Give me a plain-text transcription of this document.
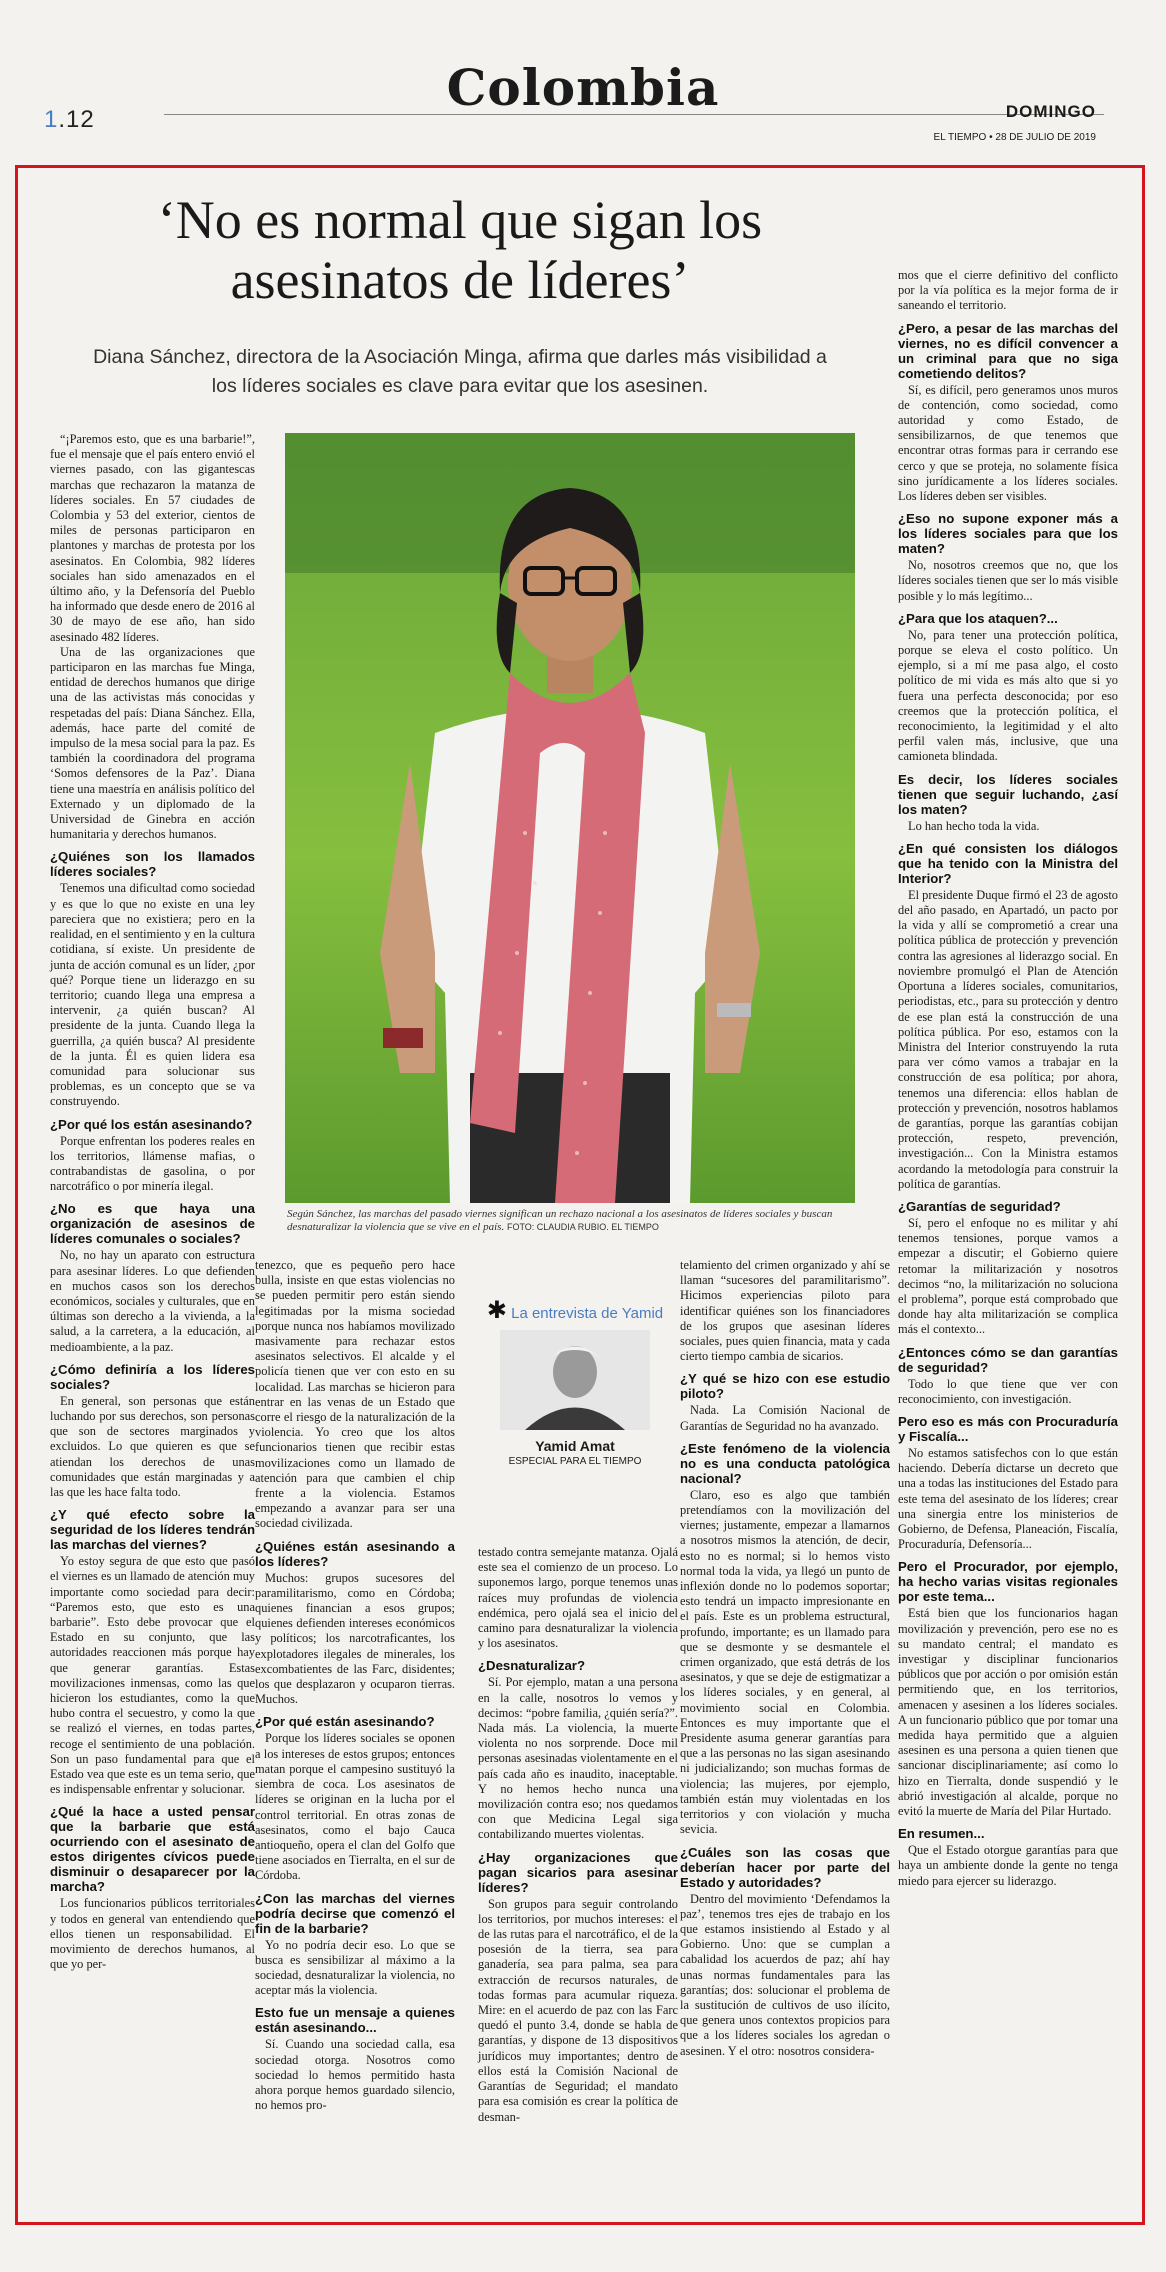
Colombia
1.12	DOMINGO
EL TIEMPO • 28 DE JULIO DE 2019
‘No es normal que sigan los asesinatos de líderes’
Diana Sánchez, directora de la Asociación Minga, afirma que darles más visibilidad a los líderes sociales es clave para evitar que los asesinen.
Según Sánchez, las marchas del pasado viernes significan un rechazo nacional a los asesinatos de líderes sociales y buscan desnaturalizar la violencia que se vive en el país. FOTO: CLAUDIA RUBIO. EL TIEMPO

“¡Paremos esto, que es una barbarie!”, fue el mensaje que el país entero envió el viernes pasado, con las gigantescas marchas que rechazaron la matanza de líderes sociales. En 57 ciudades de Colombia y 53 del exterior, cientos de miles de personas participaron en plantones y marchas de protesta por los asesinatos. En Colombia, 982 líderes sociales han sido amenazados en el último año, y la Defensoría del Pueblo ha informado que desde enero de 2016 al 30 de mayo de ese año, han sido asesinado 482 líderes.

Una de las organizaciones que participaron en las marchas fue Minga, entidad de derechos humanos que dirige una de las activistas más conocidas y respetadas del país: Diana Sánchez. Ella, además, hace parte del comité de impulso de la mesa social para la paz. Es también la coordinadora del programa ‘Somos defensores de la Paz’. Diana tiene una maestría en análisis político del Externado y un diplomado de la Universidad de Ginebra en acción humanitaria y derechos humanos.

¿Quiénes son los llamados líderes sociales?

Tenemos una dificultad como sociedad y es que lo que no existe en una ley pareciera que no existiera; pero en la realidad, en el sentimiento y en la cultura cotidiana, sí existe. Un presidente de junta de acción comunal es un líder, ¿por qué? Porque tiene un liderazgo en su territorio; cuando llega una empresa a intervenir, ¿a quién buscan? Al presidente de la junta. Cuando llega la guerrilla, ¿a quién busca? Al presidente de la junta. Él es quien lidera esa comunidad para solucionar sus problemas, es un concepto que se va construyendo.

¿Por qué los están asesinando?

Porque enfrentan los poderes reales en los territorios, llámense mafias, o contrabandistas de gasolina, o por narcotráfico o por minería ilegal.

¿No es que haya una organización de asesinos de líderes comunales o sociales?

No, no hay un aparato con estructura para asesinar líderes. Lo que defienden en muchos casos son los derechos económicos, sociales y culturales, que en últimas son derecho a la vivienda, a la salud, a la carretera, a la educación, al medioambiente, a la paz.

¿Cómo definiría a los líderes sociales?

En general, son personas que están luchando por sus derechos, son personas que son de sectores marginados y excluidos. Lo que quieren es que se atiendan los derechos de unas comunidades que están marginadas y a las que les hace falta todo.

¿Y qué efecto sobre la seguridad de los líderes tendrán las marchas del viernes?

Yo estoy segura de que esto que pasó el viernes es un llamado de atención muy importante como sociedad para decir: “Paremos esto, que esto es una barbarie”. Esto debe provocar que el Estado en su conjunto, que las autoridades reaccionen más porque hay que generar garantías. Estas movilizaciones inmensas, como las que hicieron los estudiantes, como la que hubo contra el secuestro, y como la que se realizó el viernes, en todas partes, recoge el sentimiento de una población. Son un paso fundamental para que el Estado vea que este es un tema serio, que es indispensable enfrentar y solucionar.

¿Qué la hace a usted pensar que la barbarie que está ocurriendo con el asesinato de estos dirigentes cívicos puede disminuir o desaparecer por la marcha?

Los funcionarios públicos territoriales y todos en general van entendiendo que ellos tienen un responsabilidad. El movimiento de derechos humanos, al que yo per-

tenezco, que es pequeño pero hace bulla, insiste en que estas violencias no se pueden permitir pero están siendo legitimadas por la misma sociedad porque nunca nos habíamos movilizado masivamente para rechazar estos asesinatos selectivos. El alcalde y el policía tienen que ver con esto en su localidad. Las marchas se hicieron para entrar en las venas de un Estado que corre el riesgo de la naturalización de la violencia. Yo creo que los altos funcionarios tienen que recibir estas movilizaciones como un llamado de atención para que cambien el chip frente a la violencia. Estamos empezando a avanzar para ser una sociedad civilizada.

¿Quiénes están asesinando a los líderes?

Muchos: grupos sucesores del paramilitarismo, como en Córdoba; quienes financian a esos grupos; quienes defienden intereses económicos y políticos; los narcotraficantes, los explotadores ilegales de minerales, los excombatientes de las Farc, disidentes; los que desplazaron y ocuparon tierras. Muchos.

¿Por qué están asesinando?

Porque los líderes sociales se oponen a los intereses de estos grupos; entonces matan porque el campesino sustituyó la siembra de coca. Los asesinatos de líderes se originan en la lucha por el control territorial. En otras zonas de asesinatos, como el bajo Cauca antioqueño, opera el clan del Golfo que tiene asociados en Tierralta, en el sur de Córdoba.

¿Con las marchas del viernes podría decirse que comenzó el fin de la barbarie?

Yo no podría decir eso. Lo que se busca es sensibilizar al máximo a la sociedad, desnaturalizar la violencia, no aceptar más la violencia.

Esto fue un mensaje a quienes están asesinando...

Sí. Cuando una sociedad calla, esa sociedad otorga. Nosotros como sociedad lo hemos permitido hasta ahora porque hemos guardado silencio, no hemos pro-

✱ La entrevista de Yamid
Yamid Amat
ESPECIAL PARA EL TIEMPO

testado contra semejante matanza. Ojalá este sea el comienzo de un proceso. Lo suponemos largo, porque tenemos unas raíces muy profundas de violencia endémica, pero ojalá sea el inicio del camino para desnaturalizar la violencia y los asesinatos.

¿Desnaturalizar?

Sí. Por ejemplo, matan a una persona en la calle, nosotros lo vemos y decimos: “pobre familia, ¿quién sería?”. Nada más. La violencia, la muerte violenta no nos sorprende. Doce mil personas asesinadas violentamente en el país cada año es inaudito, inaceptable. Y no hemos hecho nunca una movilización contra eso; nos quedamos con que Medicina Legal siga contabilizando muertes violentas.

¿Hay organizaciones que pagan sicarios para asesinar líderes?

Son grupos para seguir controlando los territorios, por muchos intereses: el de las rutas para el narcotráfico, el de la posesión de la tierra, sea para ganadería, sea para palma, sea para extracción de recursos naturales, de todas formas para acumular riqueza. Mire: en el acuerdo de paz con las Farc quedó el punto 3.4, donde se habla de garantías, y dispone de 13 dispositivos jurídicos muy importantes; dentro de ellos está la Comisión Nacional de Garantías de Seguridad; el mandato para esa comisión es crear la política de desman-

telamiento del crimen organizado y ahí se llaman “sucesores del paramilitarismo”. Hicimos experiencias piloto para identificar quiénes son los financiadores de los grupos que asesinan líderes sociales, pues quien financia, mata y cada cierto tiempo cambia de sicarios.

¿Y qué se hizo con ese estudio piloto?

Nada. La Comisión Nacional de Garantías de Seguridad no ha avanzado.

¿Este fenómeno de la violencia no es una conducta patológica nacional?

Claro, eso es algo que también pretendíamos con la movilización del viernes; justamente, empezar a llamarnos a nosotros mismos la atención, de decir, esto no es normal; si lo hemos visto normal toda la vida, ya llegó un punto de inflexión donde no lo podemos soportar; esto tendrá un impacto impresionante en el país. Este es un problema estructural, profundo, importante; es un llamado para que se desmonte y se desmantele el crimen organizado, que está detrás de los asesinatos, y que se deje de estigmatizar a los líderes sociales, y en general, al movimiento social en Colombia. Entonces es muy importante que el Presidente asuma generar garantías para que a las personas no las sigan asesinando ni judicializando; son muchas formas de violencia; las mujeres, por ejemplo, también están muy violentadas en los territorios y con violación y mucha sevicia.

¿Cuáles son las cosas que deberían hacer por parte del Estado y autoridades?

Dentro del movimiento ‘Defendamos la paz’, tenemos tres ejes de trabajo en los que estamos insistiendo al Estado y al Gobierno. Uno: que se cumplan a cabalidad los acuerdos de paz; ahí hay unas normas fundamentales para las garantías; dos: solucionar el problema de la sustitución de cultivos de uso ilícito, que genera unos contextos propicios para que a los líderes sociales los agredan o asesinen. Y el otro: nosotros considera-

mos que el cierre definitivo del conflicto por la vía política es la mejor forma de ir saneando el territorio.

¿Pero, a pesar de las marchas del viernes, no es difícil convencer a un criminal para que no siga cometiendo delitos?

Sí, es difícil, pero generamos unos muros de contención, como sociedad, como autoridad y como Estado, de sensibilizarnos, de que tenemos que encontrar otras formas para ir cerrando ese cerco y que se proteja, no solamente física sino jurídicamente a los líderes sociales. Los líderes deben ser visibles.

¿Eso no supone exponer más a los líderes sociales para que los maten?

No, nosotros creemos que no, que los líderes sociales tienen que ser lo más visible posible y lo más legítimo...

¿Para que los ataquen?...

No, para tener una protección política, porque se eleva el costo político. Un ejemplo, si a mí me pasa algo, el costo político de mi vida es más alto que si yo fuera una perfecta desconocida; por eso creemos que la protección política, el reconocimiento, la legitimidad y el alto perfil valen más, inclusive, que una camioneta blindada.

Es decir, los líderes sociales tienen que seguir luchando, ¿así los maten?

Lo han hecho toda la vida.

¿En qué consisten los diálogos que ha tenido con la Ministra del Interior?

El presidente Duque firmó el 23 de agosto del año pasado, en Apartadó, un pacto por la vida y allí se comprometió a crear una política pública de protección y prevención contra las agresiones al liderazgo social. En noviembre promulgó el Plan de Atención Oportuna a líderes sociales, comunitarios, periodistas, etc., para su protección y dentro de ese plan está la construcción de una política pública. Por eso, estamos con la Ministra del Interior construyendo la ruta para ver cómo vamos a trabajar en la construcción de esa política; por ahora, tenemos una diferencia: ellos hablan de protección y prevención, nosotros hablamos de garantías, porque las garantías cobijan protección, respeto, prevención, investigación... Con la Ministra estamos acordando la metodología para construir la política de garantías.

¿Garantías de seguridad?

Sí, pero el enfoque no es militar y ahí tenemos tensiones, porque vamos a empezar a discutir; el Gobierno quiere retomar la militarización y nosotros decimos “no, la militarización no soluciona el problema”, porque está comprobado que donde hay alta militarización se complica más el contexto...

¿Entonces cómo se dan garantías de seguridad?

Todo lo que tiene que ver con reconocimiento, con investigación.

Pero eso es más con Procuraduría y Fiscalía...

No estamos satisfechos con lo que están haciendo. Debería dictarse un decreto que una a todas las instituciones del Estado para este tema del asesinato de los líderes; crear una sinergia entre los ministerios de Gobierno, de Defensa, Planeación, Fiscalía, Procuraduría, Defensoría...

Pero el Procurador, por ejemplo, ha hecho varias visitas regionales por este tema...

Está bien que los funcionarios hagan movilización y prevención, pero ese no es su mandato central; el mandato es investigar y disciplinar funcionarios públicos que por acción o por omisión están permitiendo que, en los territorios, amenacen y asesinen a los líderes sociales. A un funcionario público que por tomar una medida haya permitido que a alguien asesinen es una persona a quien tienen que sancionar disciplinariamente; así como lo hizo en Tierralta, donde suspendió y le abrió investigación al alcalde, porque no evitó la muerte de María del Pilar Hurtado.

En resumen...

Que el Estado otorgue garantías para que haya un ambiente donde la gente no tenga miedo para ejercer su liderazgo.
